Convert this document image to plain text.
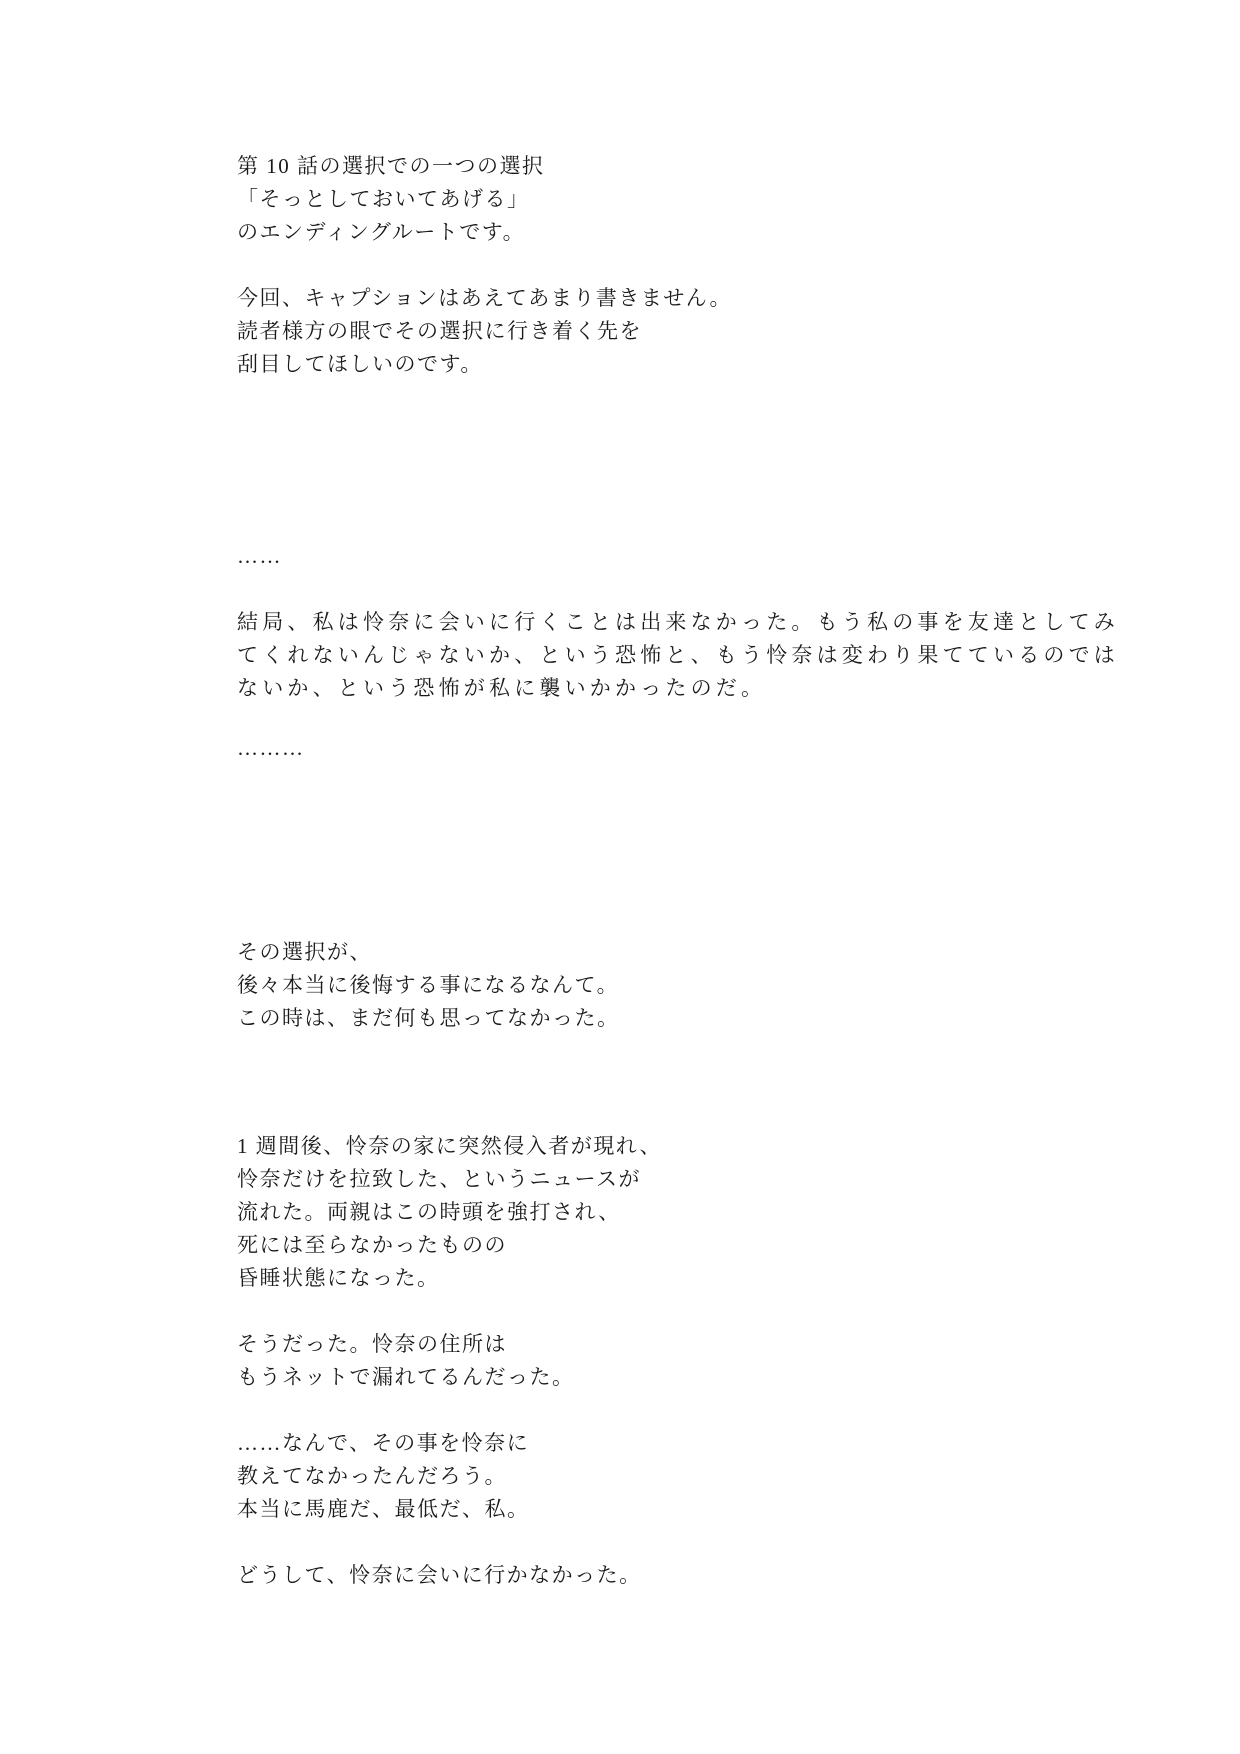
第 10 話の選択での一つの選択

「そっとしておいてあげる」

のエンディングルートです。

今回、キャプションはあえてあまり書きません。

読者様方の眼でその選択に行き着く先を

刮目してほしいのです。

……

結局、私は怜奈に会いに行くことは出来なかった。もう私の事を友達としてみ

てくれないんじゃないか、という恐怖と、もう怜奈は変わり果てているのでは

ないか、という恐怖が私に襲いかかったのだ。

………

その選択が、

後々本当に後悔する事になるなんて。

この時は、まだ何も思ってなかった。

1 週間後、怜奈の家に突然侵入者が現れ、

怜奈だけを拉致した、というニュースが

流れた。両親はこの時頭を強打され、

死には至らなかったものの

昏睡状態になった。

そうだった。怜奈の住所は

もうネットで漏れてるんだった。

……なんで、その事を怜奈に

教えてなかったんだろう。

本当に馬鹿だ、最低だ、私。

どうして、怜奈に会いに行かなかった。
